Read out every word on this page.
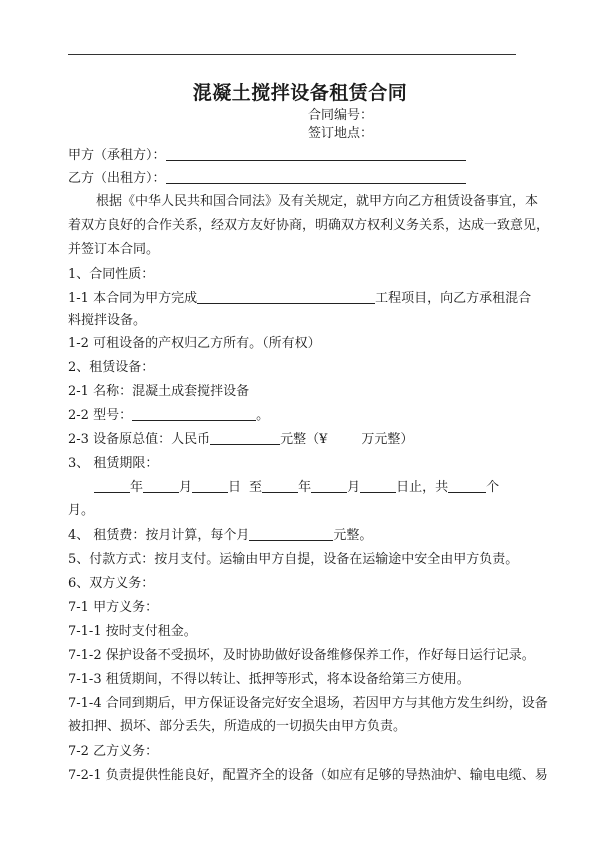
混凝土搅拌设备租赁合同
合同编号：
签订地点：
甲方（承租方）：
乙方（出租方）：
根据《中华人民共和国合同法》及有关规定，就甲方向乙方租赁设备事宜，本
着双方良好的合作关系，经双方友好协商，明确双方权利义务关系，达成一致意见，
并签订本合同。
1、合同性质：
1-1 本合同为甲方完成	工程项目，向乙方承租混合
料搅拌设备。
1-2 可租设备的产权归乙方所有。（所有权）
2、租赁设备：
2-1 名称：混凝土成套搅拌设备
2-2 型号：	。
2-3 设备原总值：人民币	元整（¥	万元整）
3、 租赁期限：
年	月	日 至	年	月	日止，共	个
月。
4、 租赁费：按月计算，每个月	元整。
5、付款方式：按月支付。运输由甲方自提，设备在运输途中安全由甲方负责。
6、双方义务：
7-1 甲方义务：
7-1-1 按时支付租金。
7-1-2 保护设备不受损坏，及时协助做好设备维修保养工作，作好每日运行记录。
7-1-3 租赁期间，不得以转让、抵押等形式，将本设备给第三方使用。
7-1-4 合同到期后，甲方保证设备完好安全退场，若因甲方与其他方发生纠纷，设备
被扣押、损坏、部分丢失，所造成的一切损失由甲方负责。
7-2 乙方义务：
7-2-1 负责提供性能良好，配置齐全的设备（如应有足够的导热油炉、输电电缆、易
